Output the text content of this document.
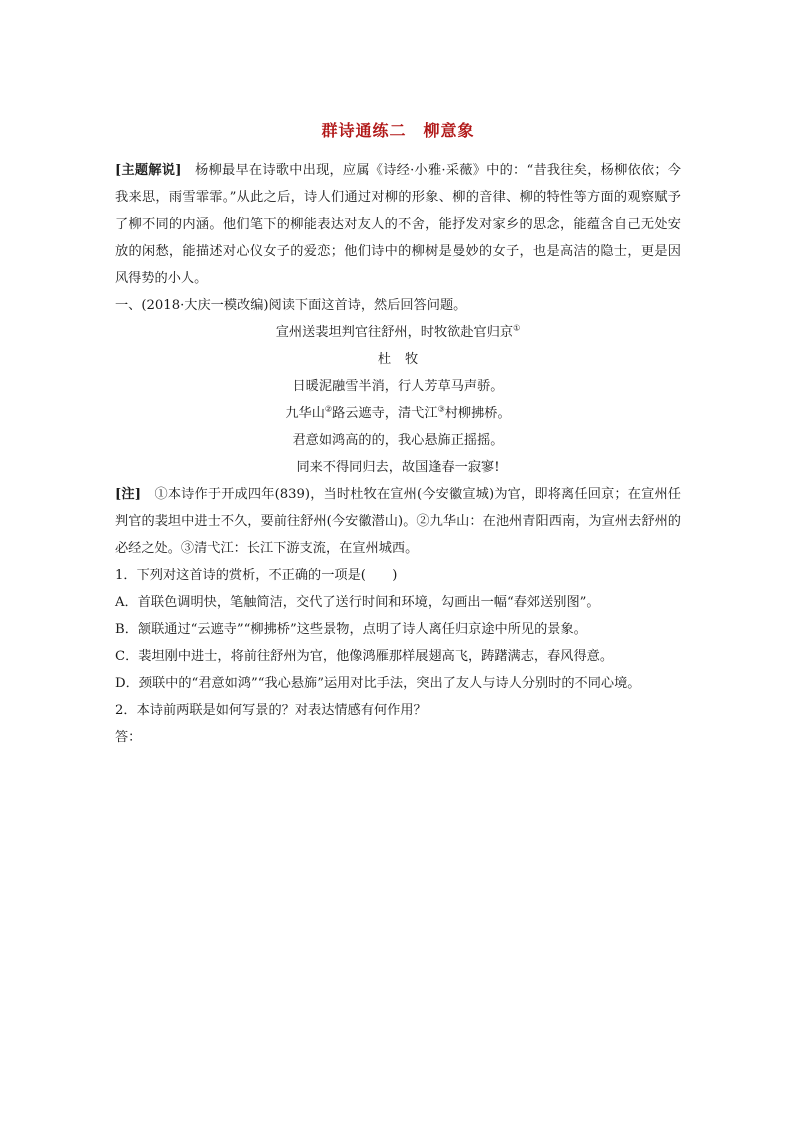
群诗通练二　柳意象

[主题解说]　杨柳最早在诗歌中出现，应属《诗经·小雅·采薇》中的：“昔我往矣，杨柳依依；今我来思，雨雪霏霏。”从此之后，诗人们通过对柳的形象、柳的音律、柳的特性等方面的观察赋予了柳不同的内涵。他们笔下的柳能表达对友人的不舍，能抒发对家乡的思念，能蕴含自己无处安放的闲愁，能描述对心仪女子的爱恋；他们诗中的柳树是曼妙的女子，也是高洁的隐士，更是因风得势的小人。

一、(2018·大庆一模改编)阅读下面这首诗，然后回答问题。

宣州送裴坦判官往舒州，时牧欲赴官归京①
杜牧
日暖泥融雪半消，行人芳草马声骄。
九华山②路云遮寺，清弋江③村柳拂桥。
君意如鸿高的的，我心悬旆正摇摇。
同来不得同归去，故国逢春一寂寥!

[注]　①本诗作于开成四年(839)，当时杜牧在宣州(今安徽宣城)为官，即将离任回京；在宣州任判官的裴坦中进士不久，要前往舒州(今安徽潜山)。②九华山：在池州青阳西南，为宣州去舒州的必经之处。③清弋江：长江下游支流，在宣州城西。

1．下列对这首诗的赏析，不正确的一项是(　　)

A．首联色调明快，笔触简洁，交代了送行时间和环境，勾画出一幅“春郊送别图”。

B．颔联通过“云遮寺”“柳拂桥”这些景物，点明了诗人离任归京途中所见的景象。

C．裴坦刚中进士，将前往舒州为官，他像鸿雁那样展翅高飞，踌躇满志，春风得意。

D．颈联中的“君意如鸿”“我心悬旆”运用对比手法，突出了友人与诗人分别时的不同心境。

2．本诗前两联是如何写景的？对表达情感有何作用？

答：
